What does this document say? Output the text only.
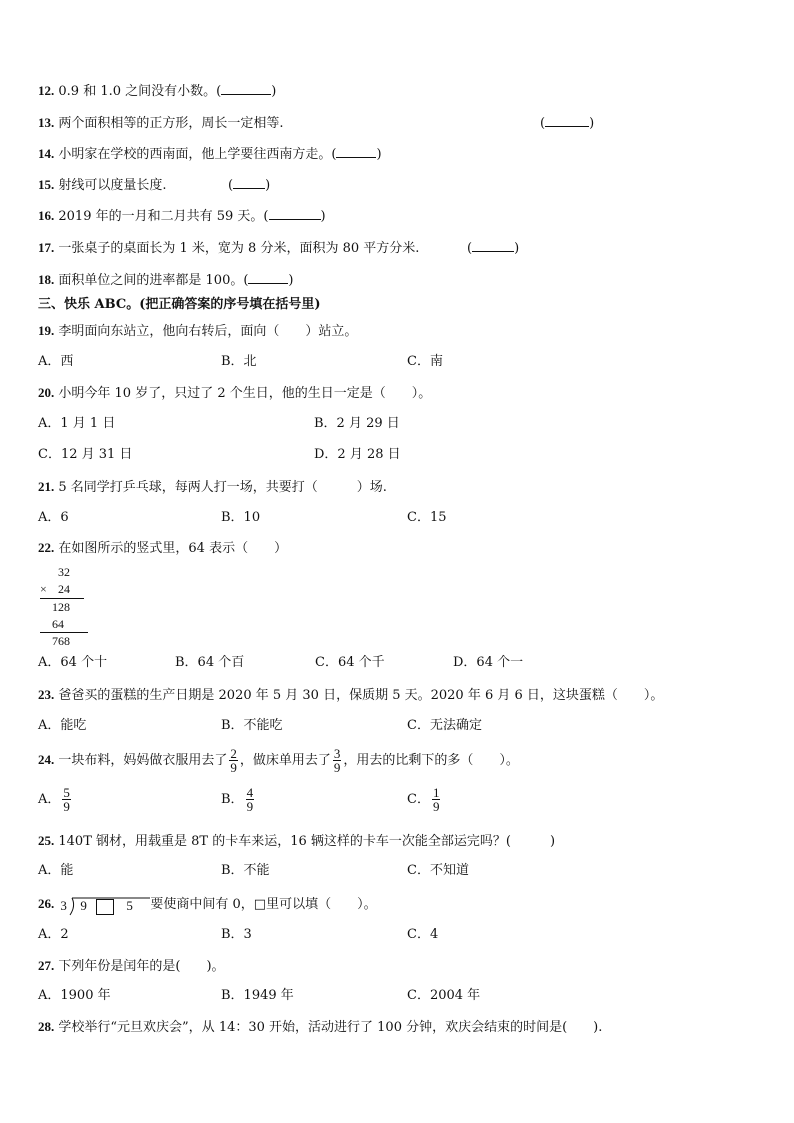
12. 0.9 和 1.0 之间没有小数。(	)
13. 两个面积相等的正方形，周长一定相等.	(	)
14. 小明家在学校的西南面，他上学要往西南方走。(	)
15. 射线可以度量长度.	( )
16. 2019 年的一月和二月共有 59 天。(	)
17. 一张桌子的桌面长为 1 米，宽为 8 分米，面积为 80 平方分米.	(	)
18. 面积单位之间的进率都是 100。(	)
三、快乐 ABC。(把正确答案的序号填在括号里)
19. 李明面向东站立，他向右转后，面向（　　）站立。
A．西	B．北	C．南
20. 小明今年 10 岁了，只过了 2 个生日，他的生日一定是（　　）。
A．1 月 1 日	B．2 月 29 日
C．12 月 31 日	D．2 月 28 日
21. 5 名同学打乒乓球，每两人打一场，共要打（　　　）场.
A．6	B．10	C．15
22. 在如图所示的竖式里，64 表示（　　）
32
× 24
128
64
768
A．64 个十	B．64 个百	C．64 个千	D．64 个一
23. 爸爸买的蛋糕的生产日期是 2020 年 5 月 30 日，保质期 5 天。2020 年 6 月 6 日，这块蛋糕（　　）。
A．能吃	B．不能吃	C．无法确定
24. 一块布料，妈妈做衣服用去了 $\frac{2}{9}$ ，做床单用去了 $\frac{3}{9}$ ，用去的比剩下的多（　　）。
A． $\frac{5}{9}$	B． $\frac{4}{9}$	C． $\frac{1}{9}$
25. 140T 钢材，用载重是 8T 的卡车来运，16 辆这样的卡车一次能全部运完吗？(　　　)
A．能	B．不能	C．不知道
26. 3 9	5 要使商中间有 0，□里可以填（　　）。
A．2	B．3	C．4
27. 下列年份是闰年的是(　　)。
A．1900 年	B．1949 年	C．2004 年
28. 学校举行“元旦欢庆会”，从 14：30 开始，活动进行了 100 分钟，欢庆会结束的时间是(　　).
